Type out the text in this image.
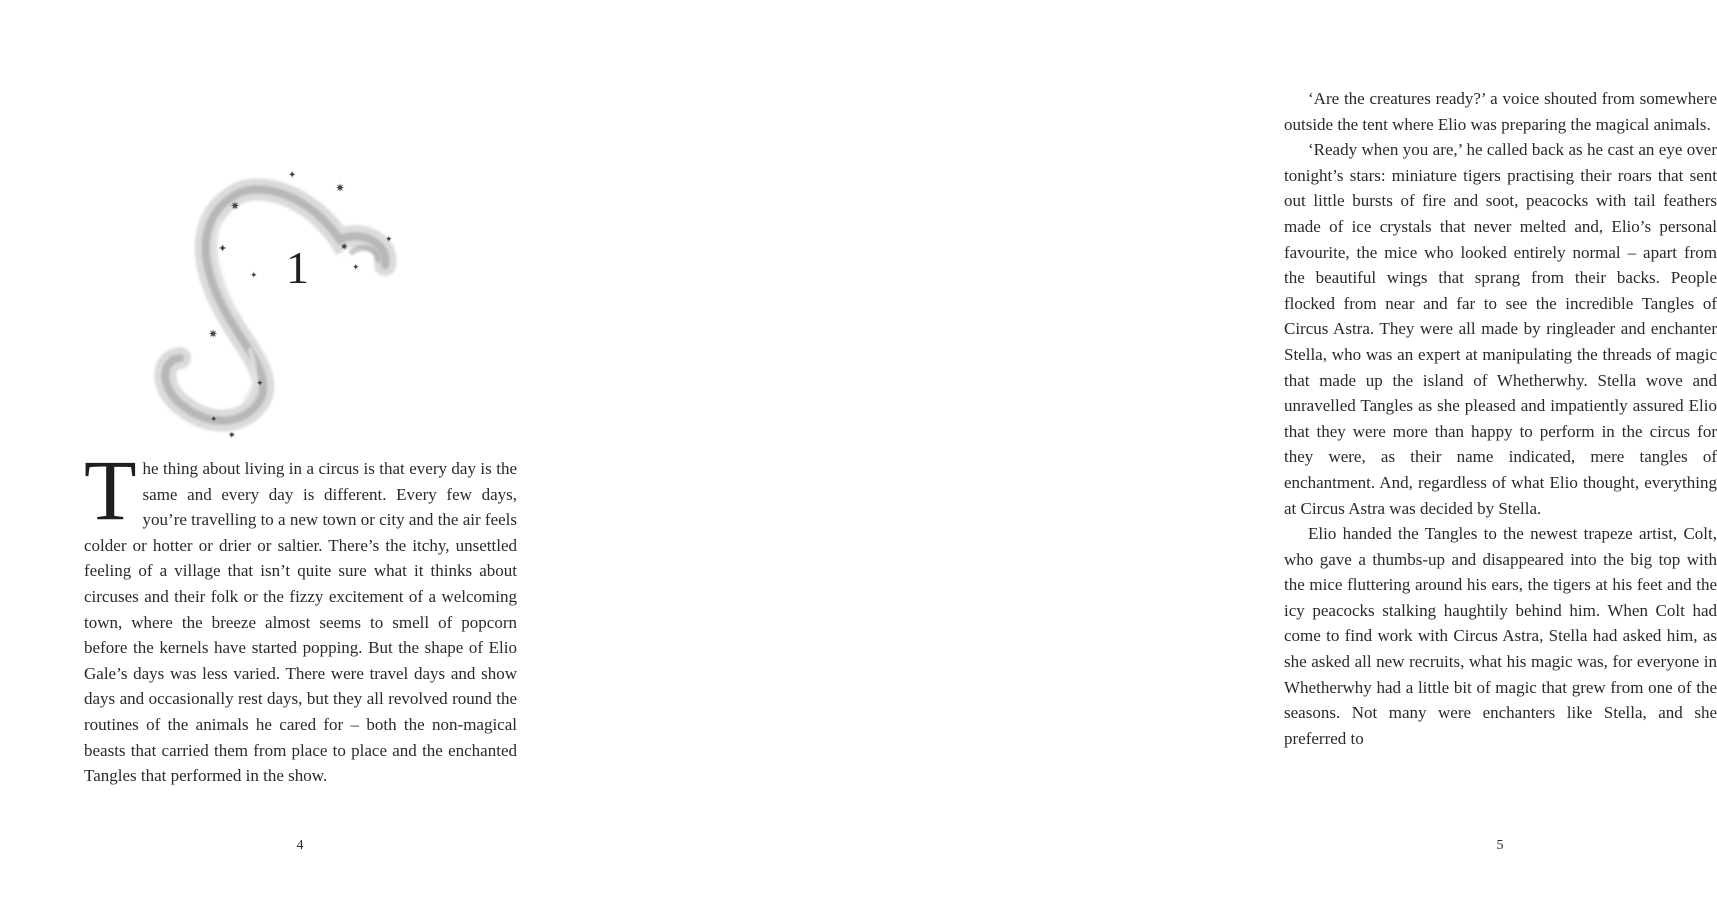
✦
✷
✷
✦
✦
✷
✦
✦
✷
✦
✦
✷
1

The thing about living in a circus is that every day is the same and every day is different. Every few days, you’re travelling to a new town or city and the air feels colder or hotter or drier or saltier. There’s the itchy, unsettled feeling of a village that isn’t quite sure what it thinks about circuses and their folk or the fizzy excitement of a welcoming town, where the breeze almost seems to smell of popcorn before the kernels have started popping. But the shape of Elio Gale’s days was less varied. There were travel days and show days and occasionally rest days, but they all revolved round the routines of the animals he cared for – both the non-magical beasts that carried them from place to place and the enchanted Tangles that performed in the show.

4

‘Are the creatures ready?’ a voice shouted from somewhere outside the tent where Elio was preparing the magical animals.

‘Ready when you are,’ he called back as he cast an eye over tonight’s stars: miniature tigers practising their roars that sent out little bursts of fire and soot, peacocks with tail feathers made of ice crystals that never melted and, Elio’s personal favourite, the mice who looked entirely normal – apart from the beautiful wings that sprang from their backs. People flocked from near and far to see the incredible Tangles of Circus Astra. They were all made by ringleader and enchanter Stella, who was an expert at manipulating the threads of magic that made up the island of Whetherwhy. Stella wove and unravelled Tangles as she pleased and impatiently assured Elio that they were more than happy to perform in the circus for they were, as their name indicated, mere tangles of enchantment. And, regardless of what Elio thought, everything at Circus Astra was decided by Stella.

Elio handed the Tangles to the newest trapeze artist, Colt, who gave a thumbs-up and disappeared into the big top with the mice fluttering around his ears, the tigers at his feet and the icy peacocks stalking haughtily behind him. When Colt had come to find work with Circus Astra, Stella had asked him, as she asked all new recruits, what his magic was, for everyone in Whetherwhy had a little bit of magic that grew from one of the seasons. Not many were enchanters like Stella, and she preferred to

5
